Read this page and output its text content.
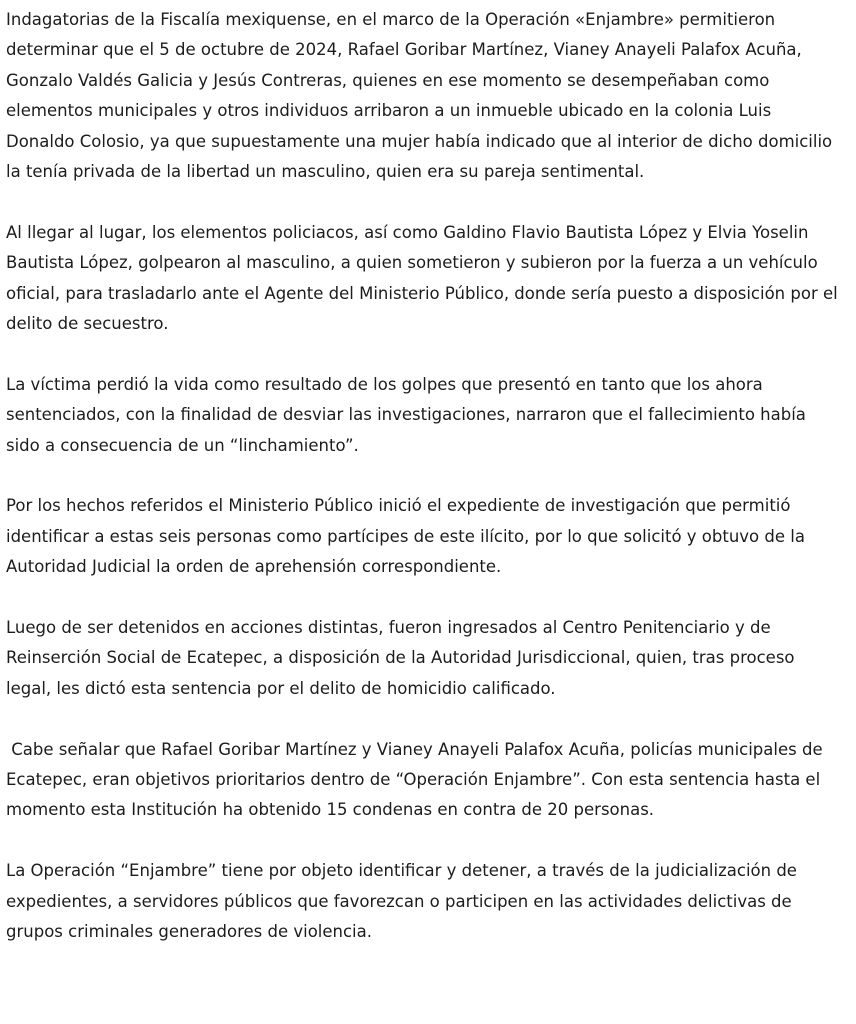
Indagatorias de la Fiscalía mexiquense, en el marco de la Operación «Enjambre» permitieron determinar que el 5 de octubre de 2024, Rafael Goribar Martínez, Vianey Anayeli Palafox Acuña, Gonzalo Valdés Galicia y Jesús Contreras, quienes en ese momento se desempeñaban como elementos municipales y otros individuos arribaron a un inmueble ubicado en la colonia Luis Donaldo Colosio, ya que supuestamente una mujer había indicado que al interior de dicho domicilio la tenía privada de la libertad un masculino, quien era su pareja sentimental.

Al llegar al lugar, los elementos policiacos, así como Galdino Flavio Bautista López y Elvia Yoselin Bautista López, golpearon al masculino, a quien sometieron y subieron por la fuerza a un vehículo oficial, para trasladarlo ante el Agente del Ministerio Público, donde sería puesto a disposición por el delito de secuestro.

La víctima perdió la vida como resultado de los golpes que presentó en tanto que los ahora sentenciados, con la finalidad de desviar las investigaciones, narraron que el fallecimiento había sido a consecuencia de un “linchamiento”.

Por los hechos referidos el Ministerio Público inició el expediente de investigación que permitió identificar a estas seis personas como partícipes de este ilícito, por lo que solicitó y obtuvo de la Autoridad Judicial la orden de aprehensión correspondiente.

Luego de ser detenidos en acciones distintas, fueron ingresados al Centro Penitenciario y de Reinserción Social de Ecatepec, a disposición de la Autoridad Jurisdiccional, quien, tras proceso legal, les dictó esta sentencia por el delito de homicidio calificado.

Cabe señalar que Rafael Goribar Martínez y Vianey Anayeli Palafox Acuña, policías municipales de Ecatepec, eran objetivos prioritarios dentro de “Operación Enjambre”. Con esta sentencia hasta el momento esta Institución ha obtenido 15 condenas en contra de 20 personas.

La Operación “Enjambre” tiene por objeto identificar y detener, a través de la judicialización de expedientes, a servidores públicos que favorezcan o participen en las actividades delictivas de grupos criminales generadores de violencia.
